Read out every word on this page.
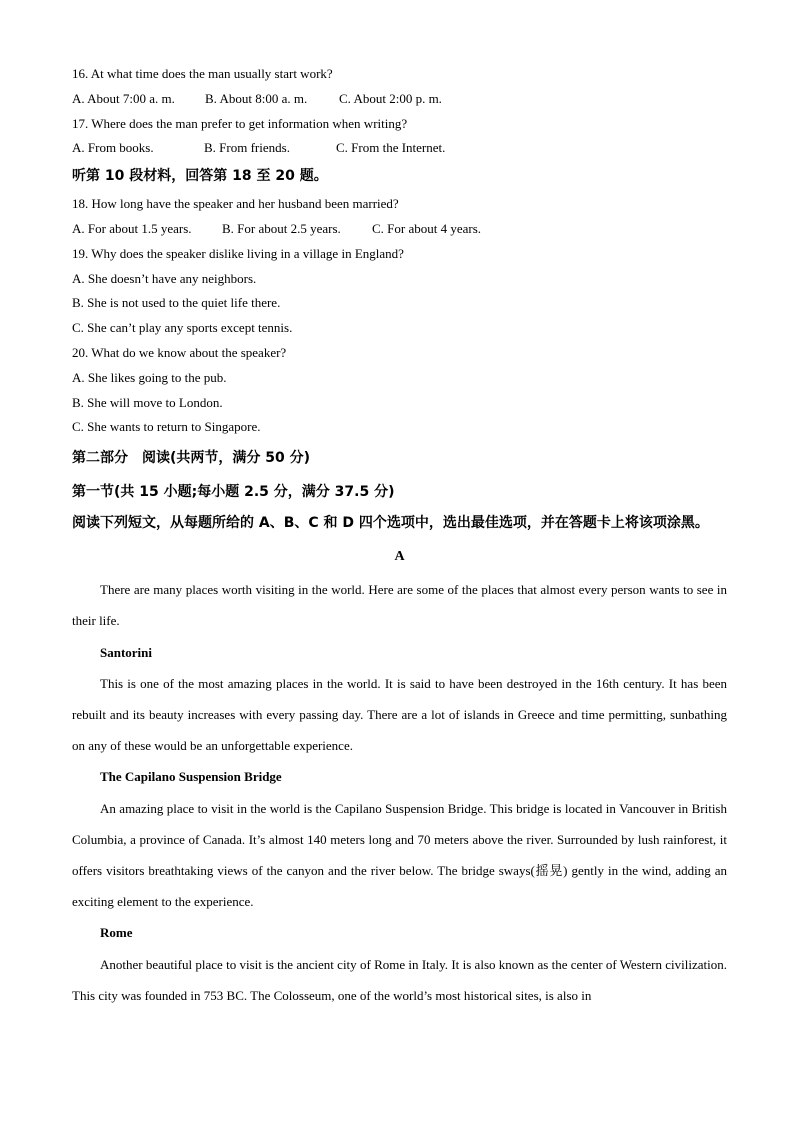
16. At what time does the man usually start work?
A. About 7:00 a. m. B. About 8:00 a. m. C. About 2:00 p. m.
17. Where does the man prefer to get information when writing?
A. From books.	B. From friends.	C. From the Internet.
听第 10 段材料，回答第 18 至 20 题。
18. How long have the speaker and her husband been married?
A. For about 1.5 years. B. For about 2.5 years. C. For about 4 years.
19. Why does the speaker dislike living in a village in England?
A. She doesn’t have any neighbors.
B. She is not used to the quiet life there.
C. She can’t play any sports except tennis.
20. What do we know about the speaker?
A. She likes going to the pub.
B. She will move to London.
C. She wants to return to Singapore.
第二部分　阅读(共两节，满分 50 分)
第一节(共 15 小题;每小题 2.5 分，满分 37.5 分)
阅读下列短文，从每题所给的 A、B、C 和 D 四个选项中，选出最佳选项，并在答题卡上将该项涂黑。
A

There are many places worth visiting in the world. Here are some of the places that almost every person wants to see in their life.

Santorini

This is one of the most amazing places in the world. It is said to have been destroyed in the 16th century. It has been rebuilt and its beauty increases with every passing day. There are a lot of islands in Greece and time permitting, sunbathing on any of these would be an unforgettable experience.

The Capilano Suspension Bridge

An amazing place to visit in the world is the Capilano Suspension Bridge. This bridge is located in Vancouver in British Columbia, a province of Canada. It’s almost 140 meters long and 70 meters above the river. Surrounded by lush rainforest, it offers visitors breathtaking views of the canyon and the river below. The bridge sways(摇晃) gently in the wind, adding an exciting element to the experience.

Rome

Another beautiful place to visit is the ancient city of Rome in Italy. It is also known as the center of Western civilization. This city was founded in 753 BC. The Colosseum, one of the world’s most historical sites, is also in
